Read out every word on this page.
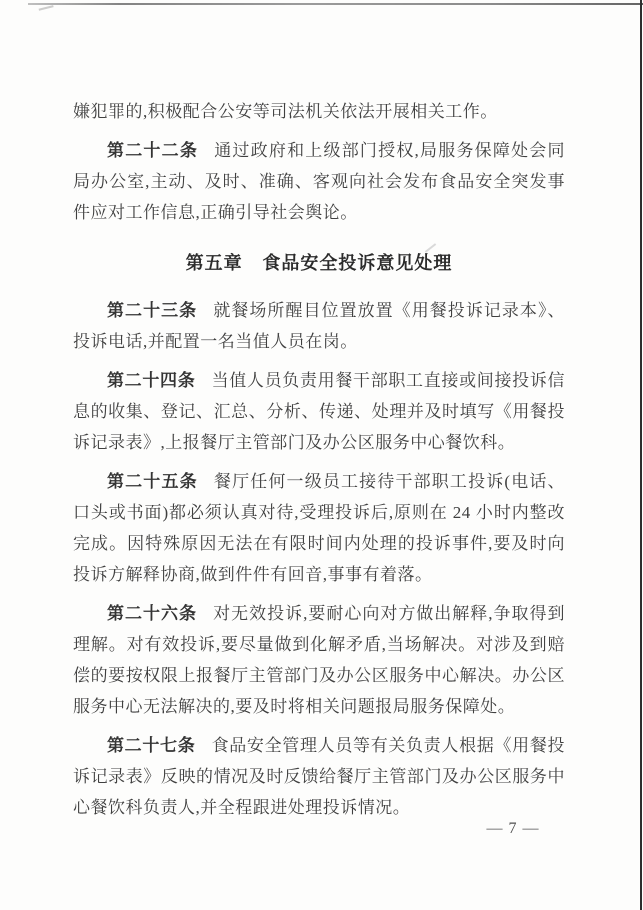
嫌犯罪的,积极配合公安等司法机关依法开展相关工作。

第二十二条 通过政府和上级部门授权,局服务保障处会同局办公室,主动、及时、准确、客观向社会发布食品安全突发事件应对工作信息,正确引导社会舆论。

第五章 食品安全投诉意见处理

第二十三条 就餐场所醒目位置放置《用餐投诉记录本》、投诉电话,并配置一名当值人员在岗。

第二十四条 当值人员负责用餐干部职工直接或间接投诉信息的收集、登记、汇总、分析、传递、处理并及时填写《用餐投诉记录表》,上报餐厅主管部门及办公区服务中心餐饮科。

第二十五条 餐厅任何一级员工接待干部职工投诉(电话、口头或书面)都必须认真对待,受理投诉后,原则在 24 小时内整改完成。因特殊原因无法在有限时间内处理的投诉事件,要及时向投诉方解释协商,做到件件有回音,事事有着落。

第二十六条 对无效投诉,要耐心向对方做出解释,争取得到理解。对有效投诉,要尽量做到化解矛盾,当场解决。对涉及到赔偿的要按权限上报餐厅主管部门及办公区服务中心解决。办公区服务中心无法解决的,要及时将相关问题报局服务保障处。

第二十七条 食品安全管理人员等有关负责人根据《用餐投诉记录表》反映的情况及时反馈给餐厅主管部门及办公区服务中心餐饮科负责人,并全程跟进处理投诉情况。

— 7 —
